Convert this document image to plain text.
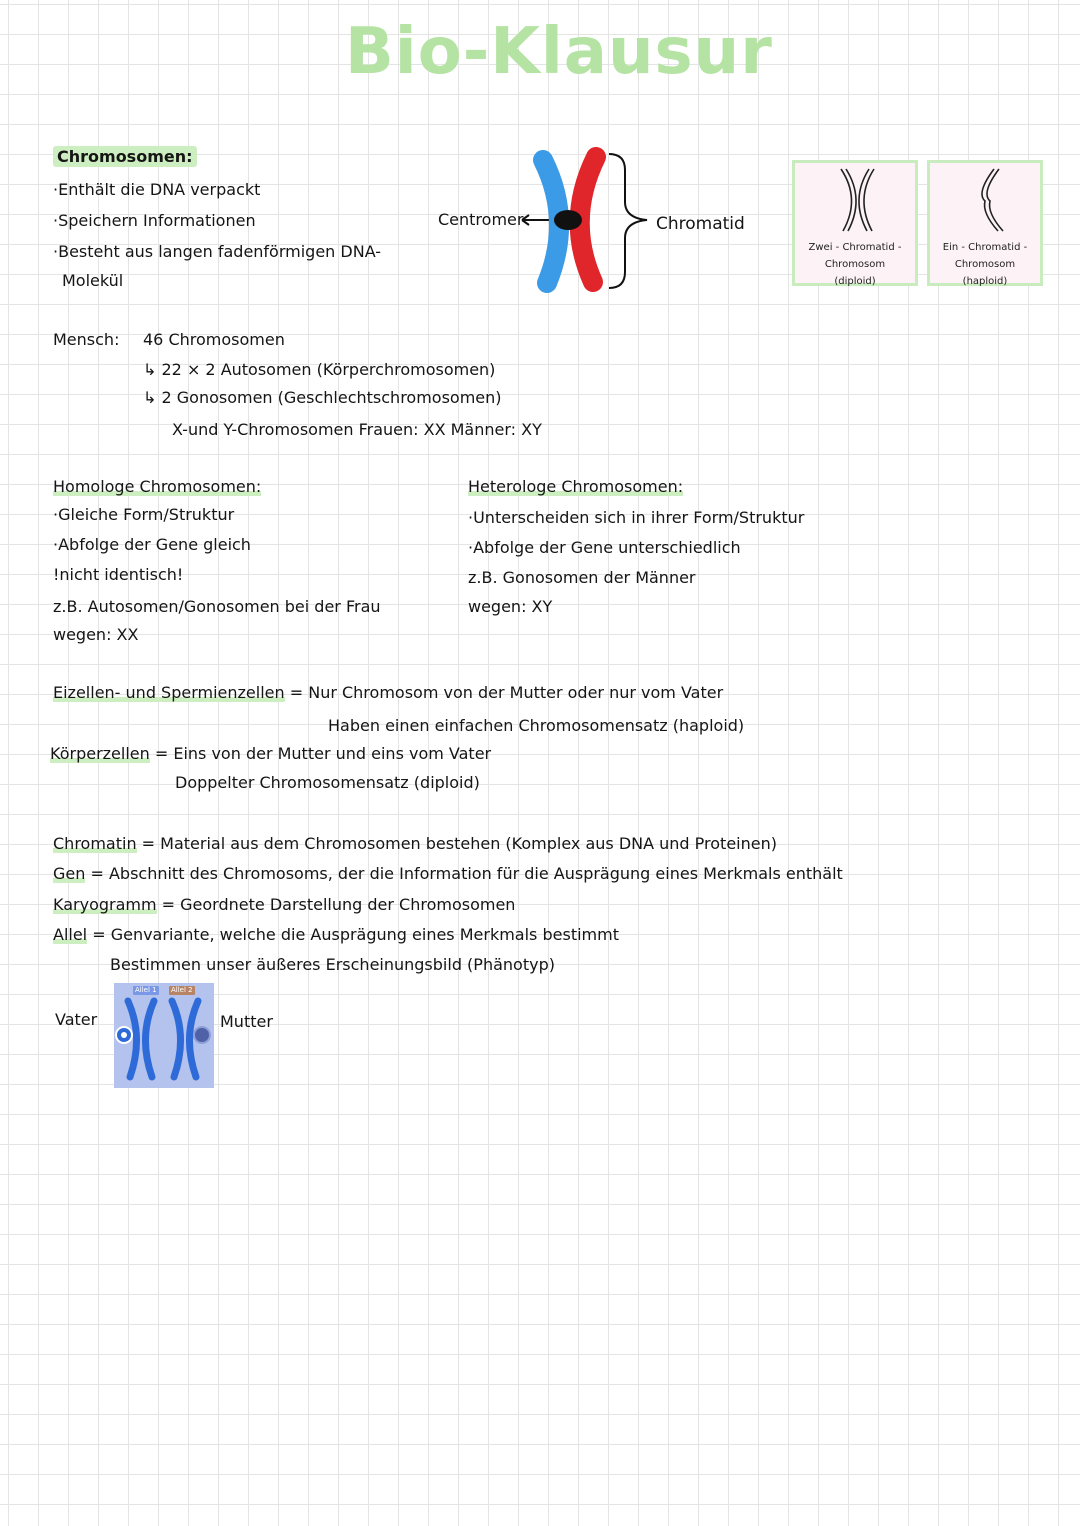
Bio-Klausur
Chromosomen:
·Enthält die DNA verpackt
·Speichern Informationen
·Besteht aus langen fadenförmigen DNA-
Molekül
Centromer	Chromatid
Zwei - Chromatid -
Chromosom
(diploid)
Ein - Chromatid -
Chromosom
(haploid)
Mensch: 46 Chromosomen
↳ 22 × 2 Autosomen (Körperchromosomen)
↳ 2 Gonosomen (Geschlechtschromosomen)
X-und Y-Chromosomen Frauen: XX Männer: XY
Homologe Chromosomen:
·Gleiche Form/Struktur
·Abfolge der Gene gleich
!nicht identisch!
z.B. Autosomen/Gonosomen bei der Frau
wegen: XX
Heterologe Chromosomen:
·Unterscheiden sich in ihrer Form/Struktur
·Abfolge der Gene unterschiedlich
z.B. Gonosomen der Männer
wegen: XY
Eizellen- und Spermienzellen = Nur Chromosom von der Mutter oder nur vom Vater
Haben einen einfachen Chromosomensatz (haploid)
Körperzellen = Eins von der Mutter und eins vom Vater
Doppelter Chromosomensatz (diploid)
Chromatin = Material aus dem Chromosomen bestehen (Komplex aus DNA und Proteinen)
Gen = Abschnitt des Chromosoms, der die Information für die Ausprägung eines Merkmals enthält
Karyogramm = Geordnete Darstellung der Chromosomen
Allel = Genvariante, welche die Ausprägung eines Merkmals bestimmt
Bestimmen unser äußeres Erscheinungsbild (Phänotyp)
Vater
Allel 1 Allel 2
Mutter
